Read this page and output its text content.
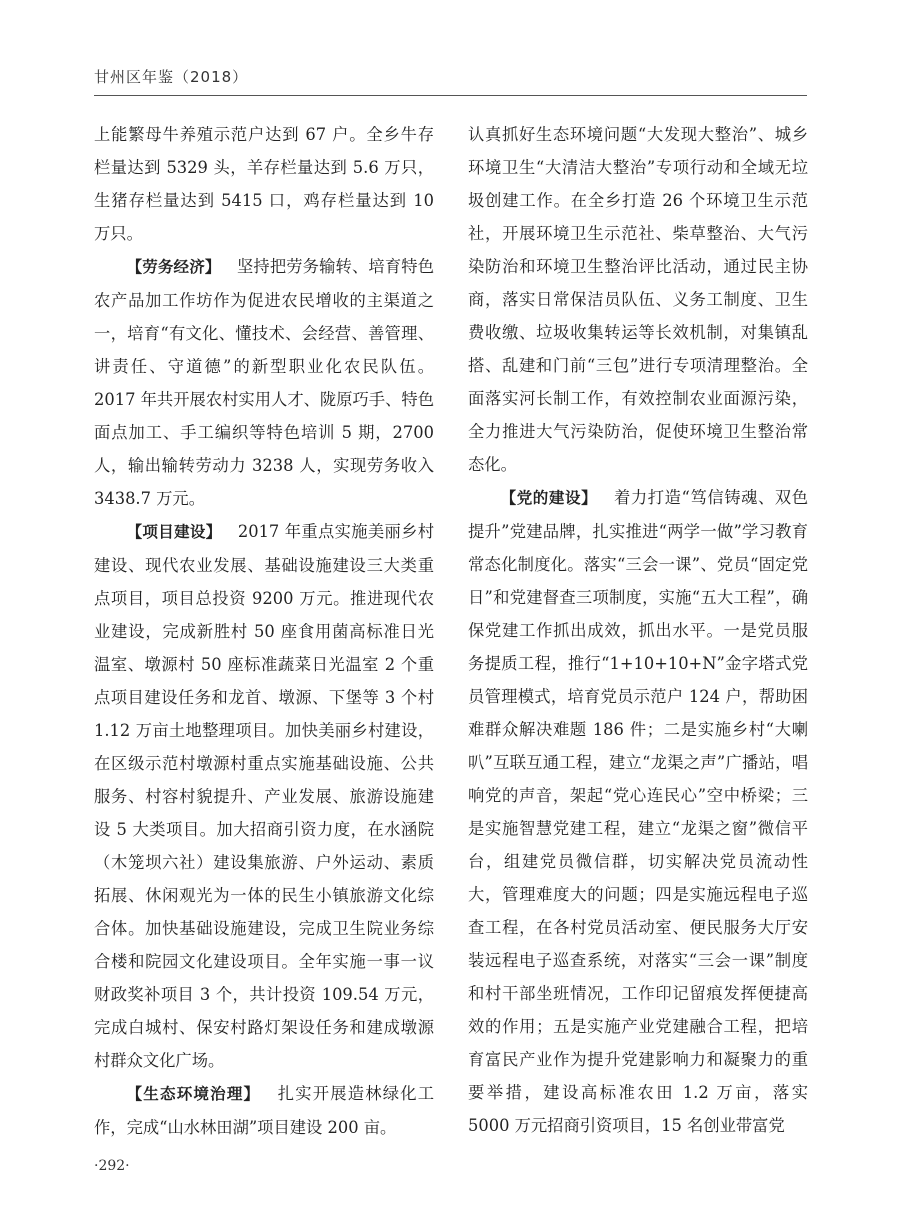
甘州区年鉴（2018）

上能繁母牛养殖示范户达到 67 户。全乡牛存栏量达到 5329 头，羊存栏量达到 5.6 万只，生猪存栏量达到 5415 口，鸡存栏量达到 10 万只。

【劳务经济】  坚持把劳务输转、培育特色农产品加工作坊作为促进农民增收的主渠道之一，培育“有文化、懂技术、会经营、善管理、讲责任、守道德”的新型职业化农民队伍。2017 年共开展农村实用人才、陇原巧手、特色面点加工、手工编织等特色培训 5 期，2700 人，输出输转劳动力 3238 人，实现劳务收入 3438.7 万元。

【项目建设】  2017 年重点实施美丽乡村建设、现代农业发展、基础设施建设三大类重点项目，项目总投资 9200 万元。推进现代农业建设，完成新胜村 50 座食用菌高标准日光温室、墩源村 50 座标准蔬菜日光温室 2 个重点项目建设任务和龙首、墩源、下堡等 3 个村 1.12 万亩土地整理项目。加快美丽乡村建设，在区级示范村墩源村重点实施基础设施、公共服务、村容村貌提升、产业发展、旅游设施建设 5 大类项目。加大招商引资力度，在水涵院（木笼坝六社）建设集旅游、户外运动、素质拓展、休闲观光为一体的民生小镇旅游文化综合体。加快基础设施建设，完成卫生院业务综合楼和院园文化建设项目。全年实施一事一议财政奖补项目 3 个，共计投资 109.54 万元，完成白城村、保安村路灯架设任务和建成墩源村群众文化广场。

【生态环境治理】  扎实开展造林绿化工作，完成“山水林田湖”项目建设 200 亩。

认真抓好生态环境问题“大发现大整治”、城乡环境卫生“大清洁大整治”专项行动和全域无垃圾创建工作。在全乡打造 26 个环境卫生示范社，开展环境卫生示范社、柴草整治、大气污染防治和环境卫生整治评比活动，通过民主协商，落实日常保洁员队伍、义务工制度、卫生费收缴、垃圾收集转运等长效机制，对集镇乱搭、乱建和门前“三包”进行专项清理整治。全面落实河长制工作，有效控制农业面源污染，全力推进大气污染防治，促使环境卫生整治常态化。

【党的建设】  着力打造“笃信铸魂、双色提升”党建品牌，扎实推进“两学一做”学习教育常态化制度化。落实“三会一课”、党员“固定党日”和党建督查三项制度，实施“五大工程”，确保党建工作抓出成效，抓出水平。一是党员服务提质工程，推行“1+10+10+N”金字塔式党员管理模式，培育党员示范户 124 户，帮助困难群众解决难题 186 件；二是实施乡村“大喇叭”互联互通工程，建立“龙渠之声”广播站，唱响党的声音，架起“党心连民心”空中桥梁；三是实施智慧党建工程，建立“龙渠之窗”微信平台，组建党员微信群，切实解决党员流动性大，管理难度大的问题；四是实施远程电子巡查工程，在各村党员活动室、便民服务大厅安装远程电子巡查系统，对落实“三会一课”制度和村干部坐班情况，工作印记留痕发挥便捷高效的作用；五是实施产业党建融合工程，把培育富民产业作为提升党建影响力和凝聚力的重要举措，建设高标准农田 1.2 万亩，落实 5000 万元招商引资项目，15 名创业带富党

·292·
